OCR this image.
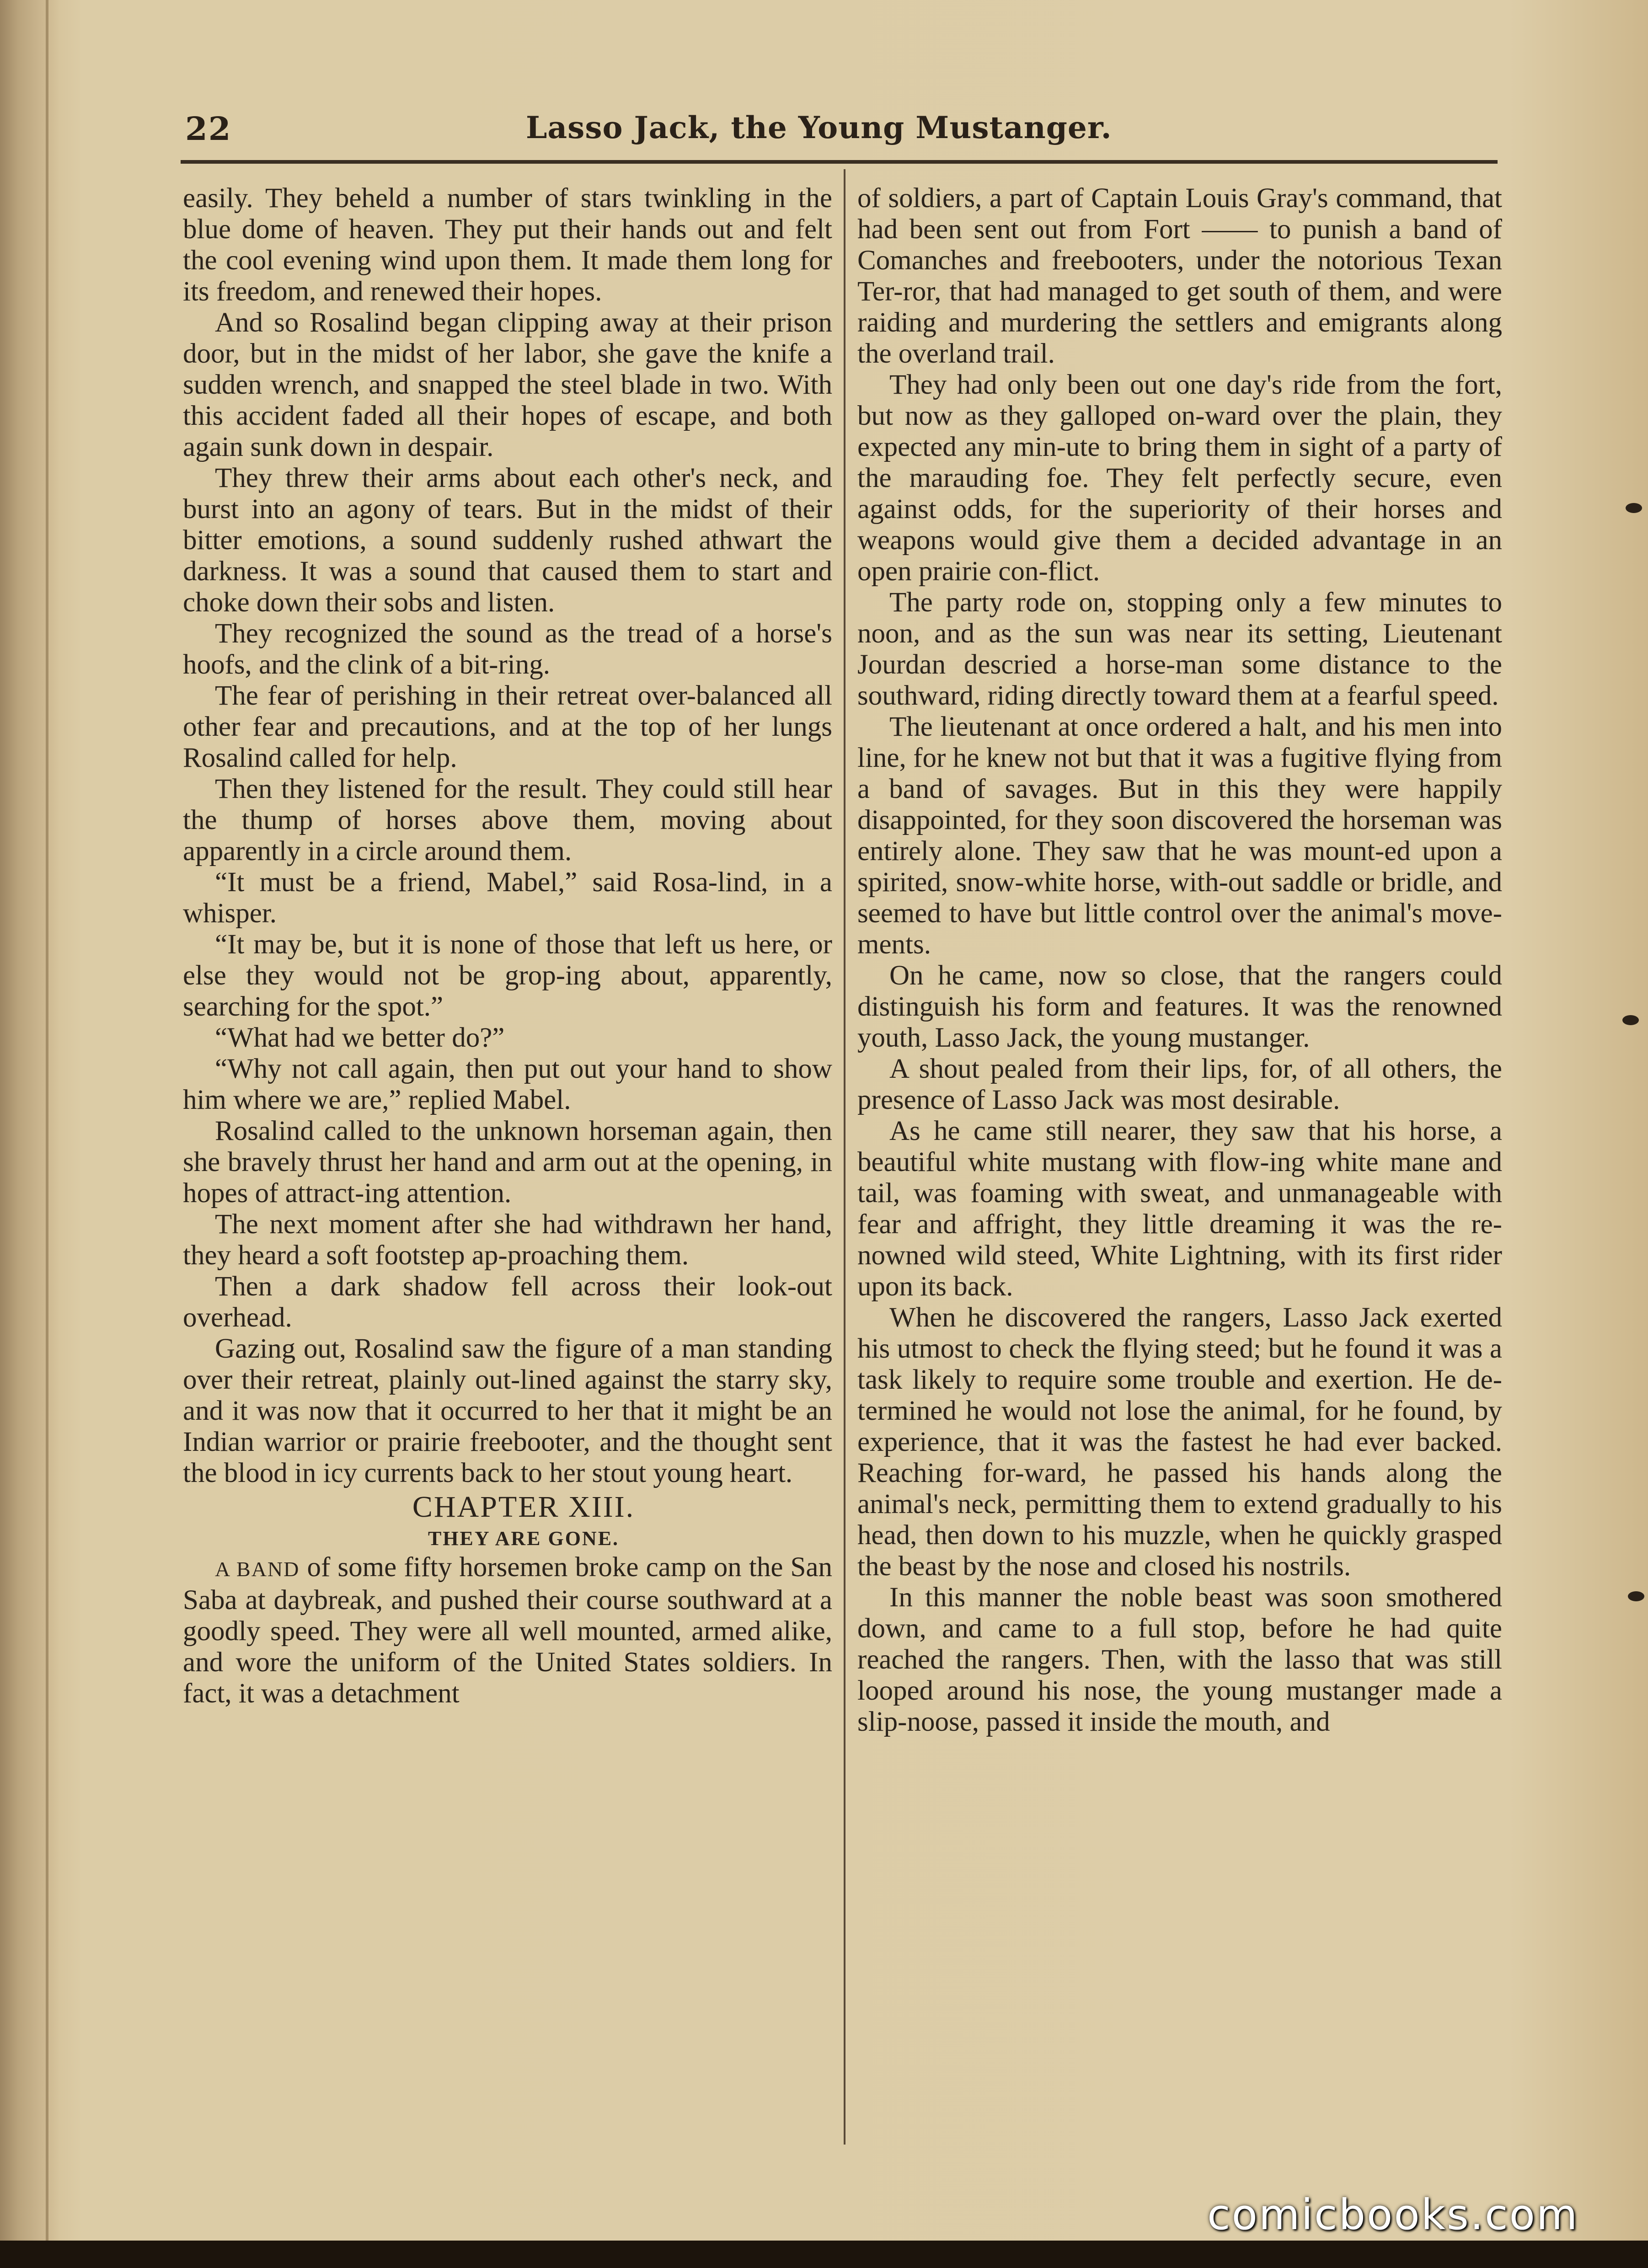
22	Lasso Jack, the Young Mustanger.

easily. They beheld a number of stars twinkling in the blue dome of heaven. They put their hands out and felt the cool evening wind upon them. It made them long for its freedom, and renewed their hopes.

And so Rosalind began clipping away at their prison door, but in the midst of her labor, she gave the knife a sudden wrench, and snapped the steel blade in two. With this accident faded all their hopes of escape, and both again sunk down in despair.

They threw their arms about each other's neck, and burst into an agony of tears. But in the midst of their bitter emotions, a sound suddenly rushed athwart the darkness. It was a sound that caused them to start and choke down their sobs and listen.

They recognized the sound as the tread of a horse's hoofs, and the clink of a bit-ring.

The fear of perishing in their retreat over-balanced all other fear and precautions, and at the top of her lungs Rosalind called for help.

Then they listened for the result. They could still hear the thump of horses above them, moving about apparently in a circle around them.

“It must be a friend, Mabel,” said Rosa-lind, in a whisper.

“It may be, but it is none of those that left us here, or else they would not be grop-ing about, apparently, searching for the spot.”

“What had we better do?”

“Why not call again, then put out your hand to show him where we are,” replied Mabel.

Rosalind called to the unknown horseman again, then she bravely thrust her hand and arm out at the opening, in hopes of attract-ing attention.

The next moment after she had withdrawn her hand, they heard a soft footstep ap-proaching them.

Then a dark shadow fell across their look-out overhead.

Gazing out, Rosalind saw the figure of a man standing over their retreat, plainly out-lined against the starry sky, and it was now that it occurred to her that it might be an Indian warrior or prairie freebooter, and the thought sent the blood in icy currents back to her stout young heart.

CHAPTER XIII.

THEY ARE GONE.

A BAND of some fifty horsemen broke camp on the San Saba at daybreak, and pushed their course southward at a goodly speed. They were all well mounted, armed alike, and wore the uniform of the United States soldiers. In fact, it was a detachment

of soldiers, a part of Captain Louis Gray's command, that had been sent out from Fort —— to punish a band of Comanches and freebooters, under the notorious Texan Ter-ror, that had managed to get south of them, and were raiding and murdering the settlers and emigrants along the overland trail.

They had only been out one day's ride from the fort, but now as they galloped on-ward over the plain, they expected any min-ute to bring them in sight of a party of the marauding foe. They felt perfectly secure, even against odds, for the superiority of their horses and weapons would give them a decided advantage in an open prairie con-flict.

The party rode on, stopping only a few minutes to noon, and as the sun was near its setting, Lieutenant Jourdan descried a horse-man some distance to the southward, riding directly toward them at a fearful speed.

The lieutenant at once ordered a halt, and his men into line, for he knew not but that it was a fugitive flying from a band of savages. But in this they were happily disappointed, for they soon discovered the horseman was entirely alone. They saw that he was mount-ed upon a spirited, snow-white horse, with-out saddle or bridle, and seemed to have but little control over the animal's move-ments.

On he came, now so close, that the rangers could distinguish his form and features. It was the renowned youth, Lasso Jack, the young mustanger.

A shout pealed from their lips, for, of all others, the presence of Lasso Jack was most desirable.

As he came still nearer, they saw that his horse, a beautiful white mustang with flow-ing white mane and tail, was foaming with sweat, and unmanageable with fear and affright, they little dreaming it was the re-nowned wild steed, White Lightning, with its first rider upon its back.

When he discovered the rangers, Lasso Jack exerted his utmost to check the flying steed; but he found it was a task likely to require some trouble and exertion. He de-termined he would not lose the animal, for he found, by experience, that it was the fastest he had ever backed. Reaching for-ward, he passed his hands along the animal's neck, permitting them to extend gradually to his head, then down to his muzzle, when he quickly grasped the beast by the nose and closed his nostrils.

In this manner the noble beast was soon smothered down, and came to a full stop, before he had quite reached the rangers. Then, with the lasso that was still looped around his nose, the young mustanger made a slip-noose, passed it inside the mouth, and

comicbooks.com
